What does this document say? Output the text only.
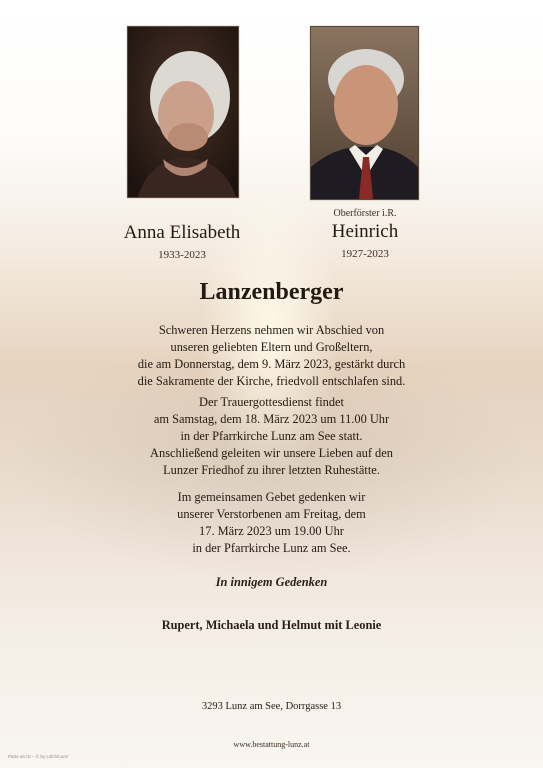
Anna Elisabeth
1933-2023
Oberförster i.R.
Heinrich
1927-2023
Lanzenberger
Schweren Herzens nehmen wir Abschied von
unseren geliebten Eltern und Großeltern,
die am Donnerstag, dem 9. März 2023, gestärkt durch
die Sakramente der Kirche, friedvoll entschlafen sind.
Der Trauergottesdienst findet
am Samstag, dem 18. März 2023 um 11.00 Uhr
in der Pfarrkirche Lunz am See statt.
Anschließend geleiten wir unsere Lieben auf den
Lunzer Friedhof zu ihrer letzten Ruhestätte.
Im gemeinsamen Gebet gedenken wir
unserer Verstorbenen am Freitag, dem
17. März 2023 um 19.00 Uhr
in der Pfarrkirche Lunz am See.
In innigem Gedenken
Rupert, Michaela und Helmut mit Leonie
3293 Lunz am See, Dorrgasse 13
www.bestattung-lunz.at
Parte an ID – © by Lölch/Lunz
